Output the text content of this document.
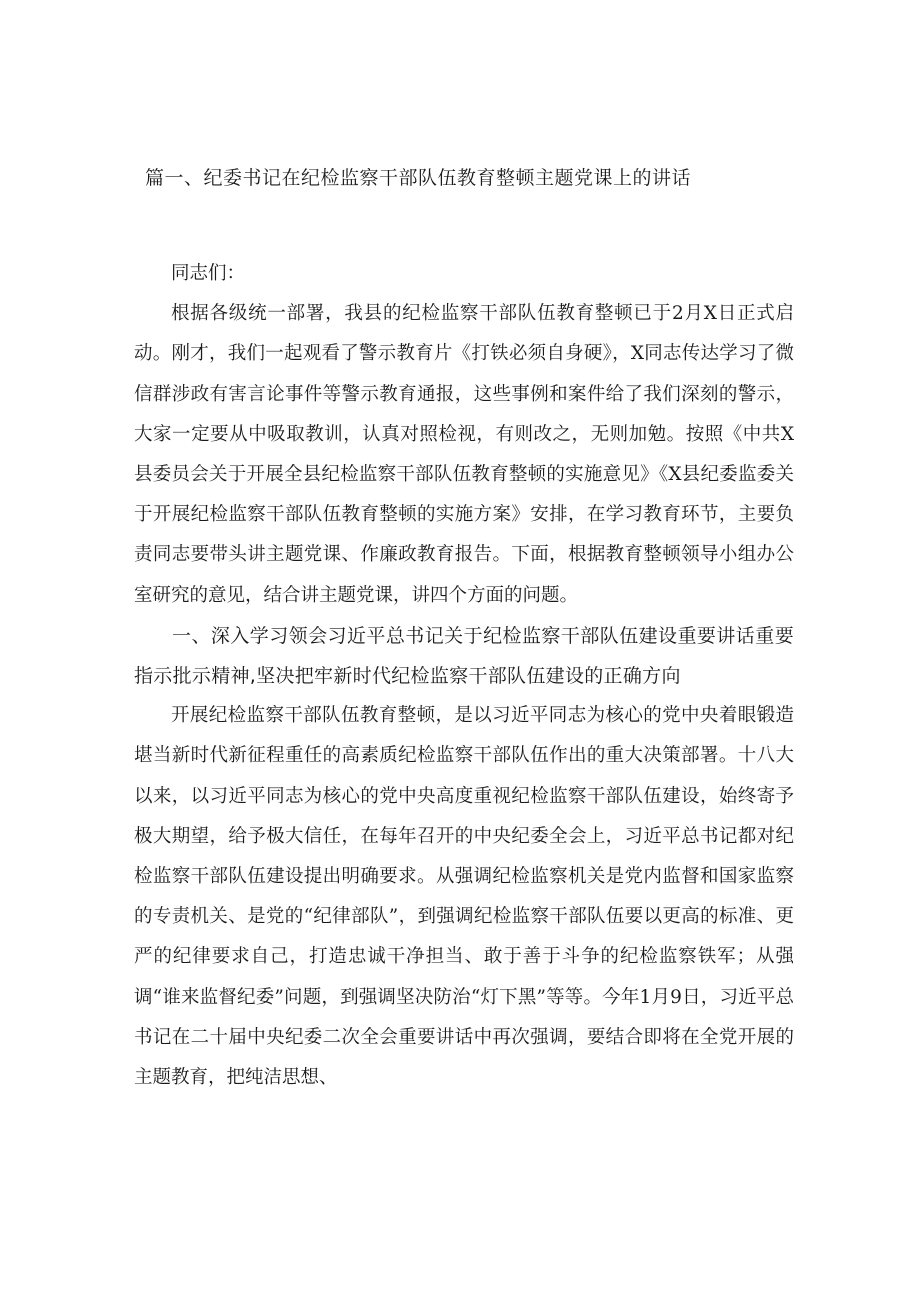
篇一、纪委书记在纪检监察干部队伍教育整顿主题党课上的讲话

同志们：

根据各级统一部署，我县的纪检监察干部队伍教育整顿已于2月X日正式启动。刚才，我们一起观看了警示教育片《打铁必须自身硬》，X同志传达学习了微信群涉政有害言论事件等警示教育通报，这些事例和案件给了我们深刻的警示，大家一定要从中吸取教训，认真对照检视，有则改之，无则加勉。按照《中共X县委员会关于开展全县纪检监察干部队伍教育整顿的实施意见》《X县纪委监委关于开展纪检监察干部队伍教育整顿的实施方案》安排，在学习教育环节，主要负责同志要带头讲主题党课、作廉政教育报告。下面，根据教育整顿领导小组办公室研究的意见，结合讲主题党课，讲四个方面的问题。

一、深入学习领会习近平总书记关于纪检监察干部队伍建设重要讲话重要指示批示精神,坚决把牢新时代纪检监察干部队伍建设的正确方向

开展纪检监察干部队伍教育整顿，是以习近平同志为核心的党中央着眼锻造堪当新时代新征程重任的高素质纪检监察干部队伍作出的重大决策部署。十八大以来，以习近平同志为核心的党中央高度重视纪检监察干部队伍建设，始终寄予极大期望，给予极大信任，在每年召开的中央纪委全会上，习近平总书记都对纪检监察干部队伍建设提出明确要求。从强调纪检监察机关是党内监督和国家监察的专责机关、是党的“纪律部队”，到强调纪检监察干部队伍要以更高的标准、更严的纪律要求自己，打造忠诚干净担当、敢于善于斗争的纪检监察铁军；从强调“谁来监督纪委”问题，到强调坚决防治“灯下黑”等等。今年1月9日，习近平总书记在二十届中央纪委二次全会重要讲话中再次强调，要结合即将在全党开展的主题教育，把纯洁思想、
